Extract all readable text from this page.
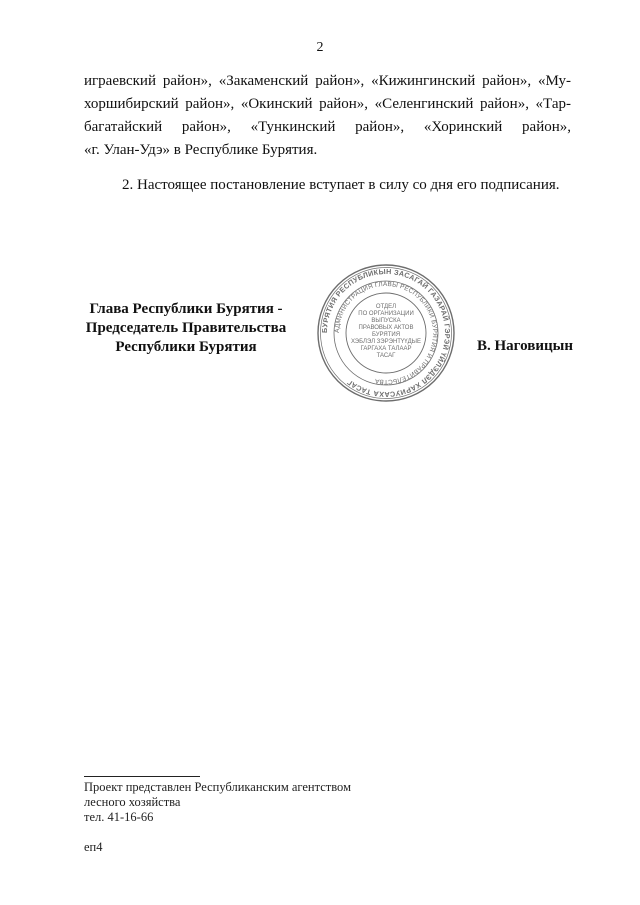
2
играевский район», «Закаменский район», «Кижингинский район», «Му-
хоршибирский район», «Окинский район», «Селенгинский район», «Тар-
багатайский район», «Тункинский район», «Хоринский район»,
«г. Улан-Удэ» в Республике Бурятия.
2. Настоящее постановление вступает в силу со дня его подписания.
Глава Республики Бурятия -
Председатель Правительства
Республики Бурятия
БУРЯТИЯ РЕСПУБЛИКЫН ЗАСАГАЙ ГАЗАРАЙ ГЭРЭЙ ҮЙЛЭДЭЛ ХАРИУСАХА ТАСАГ
АДМИНИСТРАЦИЯ ГЛАВЫ РЕСПУБЛИКИ БУРЯТИЯ И ПРАВИТЕЛЬСТВА
ОТДЕЛ
ПО ОРГАНИЗАЦИИ
ВЫПУСКА
ПРАВОВЫХ АКТОВ
БУРЯТИЯ
ХЭБЛЭЛ ЗЭРЭНТҮҮДЫЕ
ГАРГАХА ТАЛААР
ТАСАГ
В. Наговицын
Проект представлен Республиканским агентством
лесного хозяйства
тел. 41-16-66
еп4
